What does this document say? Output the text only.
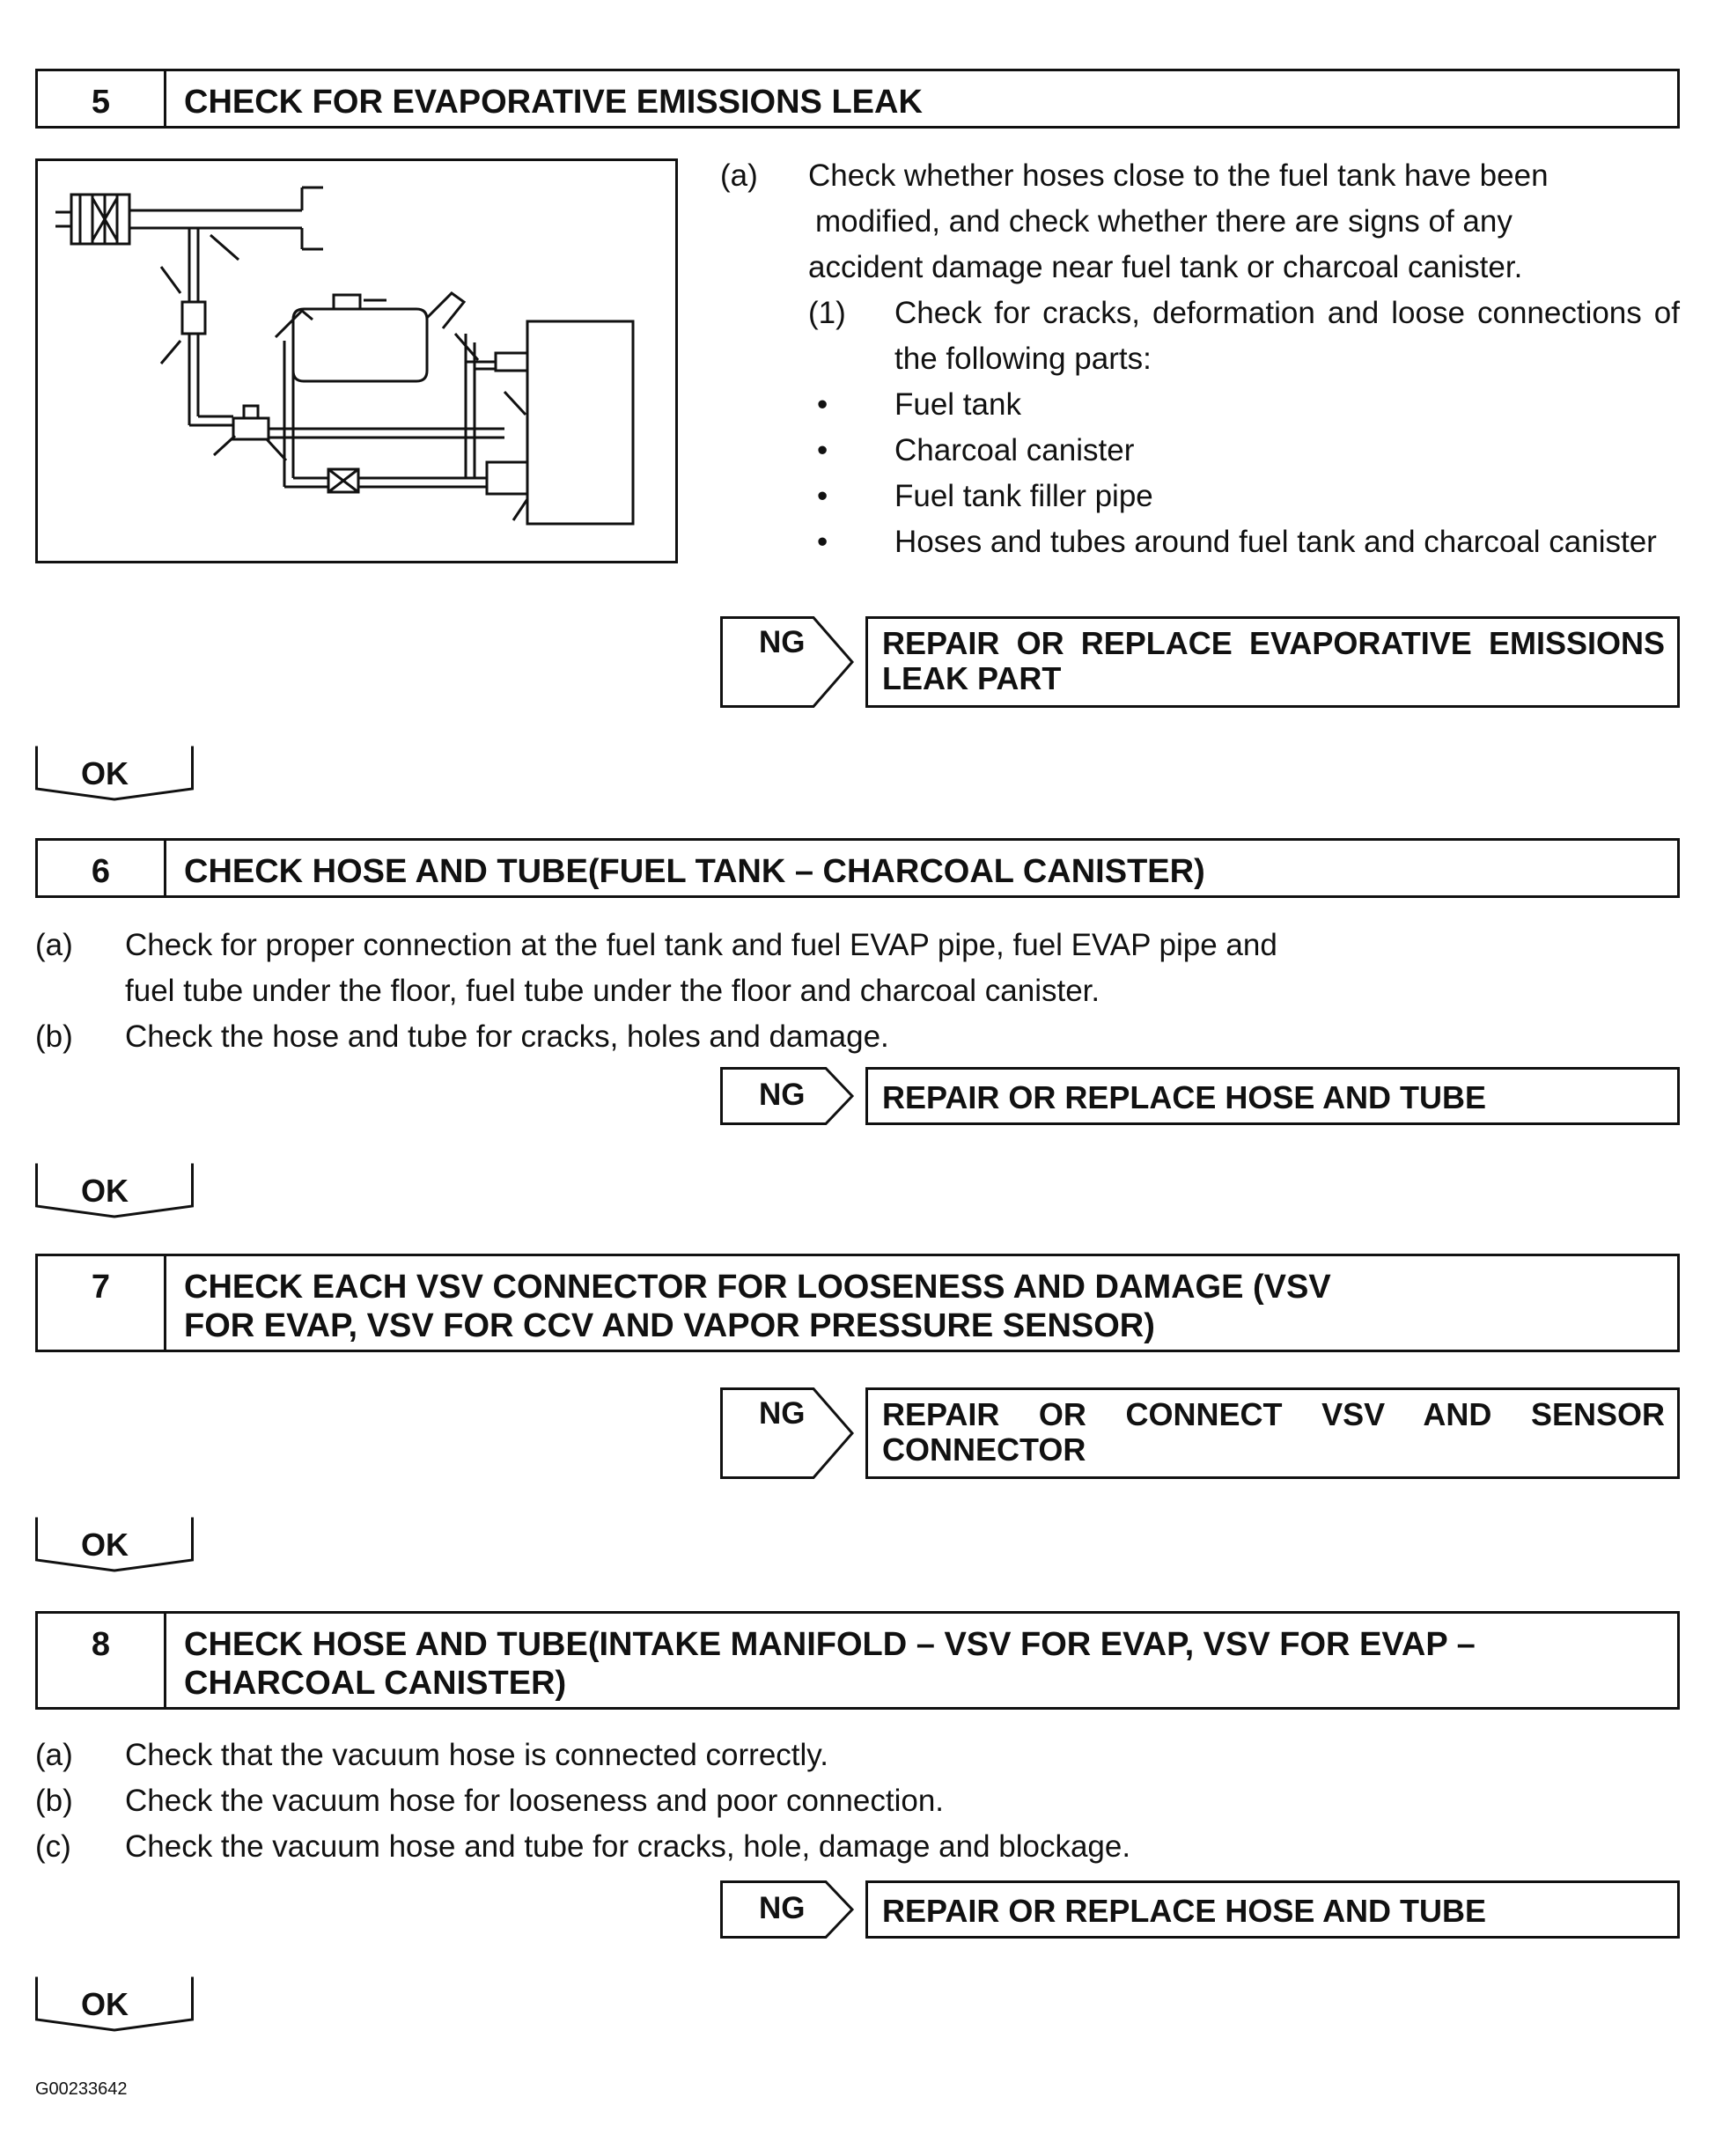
5	CHECK FOR EVAPORATIVE EMISSIONS LEAK
(a)	Check whether hoses close to the fuel tank have been
modified, and check whether there are signs of any
accident damage near fuel tank or charcoal canister.
(1)	Check for cracks, deformation and loose connections of the following parts:
•	Fuel tank
•	Charcoal canister
•	Fuel tank filler pipe
•	Hoses and tubes around fuel tank and charcoal canister
NG	REPAIR OR REPLACE EVAPORATIVE EMISSIONS LEAK PART
OK
6	CHECK HOSE AND TUBE(FUEL TANK – CHARCOAL CANISTER)
(a)	Check for proper connection at the fuel tank and fuel EVAP pipe, fuel EVAP pipe and
fuel tube under the floor, fuel tube under the floor and charcoal canister.
(b)	Check the hose and tube for cracks, holes and damage.
NG	REPAIR OR REPLACE HOSE AND TUBE
OK
7	CHECK EACH VSV CONNECTOR FOR LOOSENESS AND DAMAGE (VSV
FOR EVAP, VSV FOR CCV AND VAPOR PRESSURE SENSOR)
NG	REPAIR OR CONNECT VSV AND SENSOR CONNECTOR
OK
8	CHECK HOSE AND TUBE(INTAKE MANIFOLD – VSV FOR EVAP, VSV FOR EVAP –
CHARCOAL CANISTER)
(a)	Check that the vacuum hose is connected correctly.
(b)	Check the vacuum hose for looseness and poor connection.
(c)	Check the vacuum hose and tube for cracks, hole, damage and blockage.
NG	REPAIR OR REPLACE HOSE AND TUBE
OK
G00233642
